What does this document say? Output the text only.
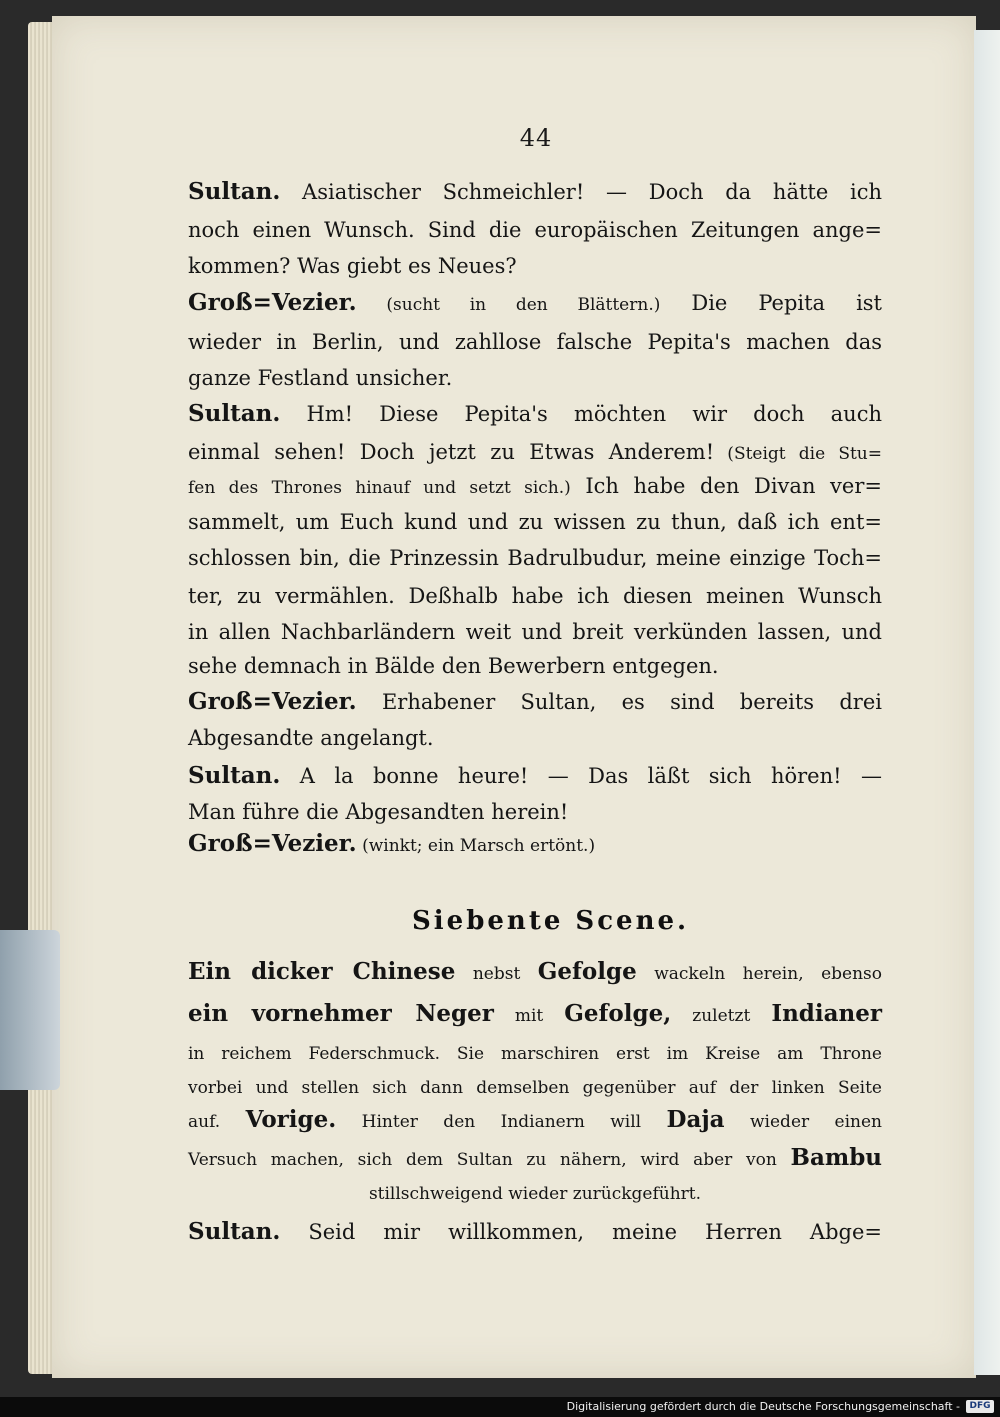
44
Sultan. Asiatischer Schmeichler! — Doch da hätte ich
noch einen Wunsch. Sind die europäischen Zeitungen ange=
kommen? Was giebt es Neues?
Groß=Vezier. (sucht in den Blättern.) Die Pepita ist
wieder in Berlin, und zahllose falsche Pepita's machen das
ganze Festland unsicher.
Sultan. Hm! Diese Pepita's möchten wir doch auch
einmal sehen! Doch jetzt zu Etwas Anderem! (Steigt die Stu=
fen des Thrones hinauf und setzt sich.) Ich habe den Divan ver=
sammelt, um Euch kund und zu wissen zu thun, daß ich ent=
schlossen bin, die Prinzessin Badrulbudur, meine einzige Toch=
ter, zu vermählen. Deßhalb habe ich diesen meinen Wunsch
in allen Nachbarländern weit und breit verkünden lassen, und
sehe demnach in Bälde den Bewerbern entgegen.
Groß=Vezier. Erhabener Sultan, es sind bereits drei
Abgesandte angelangt.
Sultan. A la bonne heure! — Das läßt sich hören! —
Man führe die Abgesandten herein!
Groß=Vezier. (winkt; ein Marsch ertönt.)
Siebente Scene.
Ein dicker Chinese nebst Gefolge wackeln herein, ebenso
ein vornehmer Neger mit Gefolge, zuletzt Indianer
in reichem Federschmuck. Sie marschiren erst im Kreise am Throne
vorbei und stellen sich dann demselben gegenüber auf der linken Seite
auf. Vorige. Hinter den Indianern will Daja wieder einen
Versuch machen, sich dem Sultan zu nähern, wird aber von Bambu
stillschweigend wieder zurückgeführt.
Sultan. Seid mir willkommen, meine Herren Abge=
Digitalisierung gefördert durch die Deutsche Forschungsgemeinschaft -	DFG
